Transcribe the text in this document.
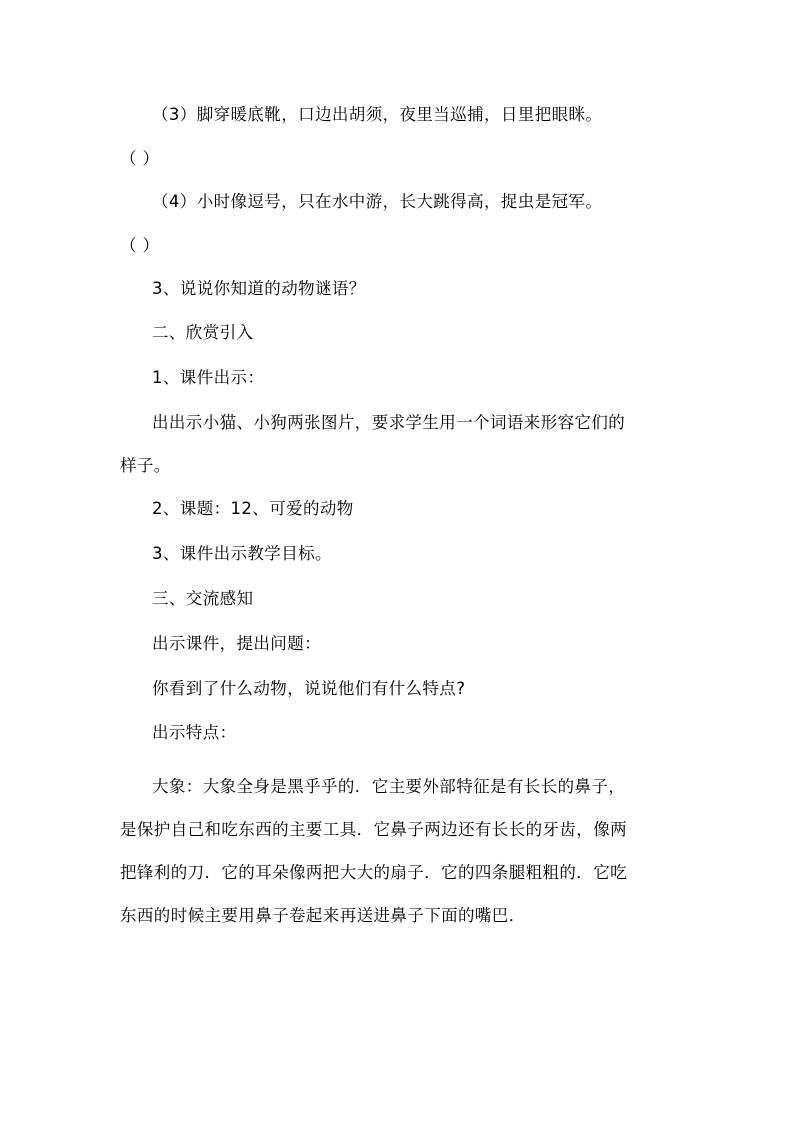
（3）脚穿暖底靴，口边出胡须，夜里当巡捕，日里把眼眯。
（ ）
（4）小时像逗号，只在水中游，长大跳得高，捉虫是冠军。
（ ）
3、说说你知道的动物谜语？
二、欣赏引入
1、课件出示：
出出示小猫、小狗两张图片，要求学生用一个词语来形容它们的
样子。
2、课题：12、可爱的动物
3、课件出示教学目标。
三、交流感知
出示课件，提出问题：
你看到了什么动物，说说他们有什么特点?
出示特点：
大象：大象全身是黑乎乎的．它主要外部特征是有长长的鼻子，
是保护自己和吃东西的主要工具．它鼻子两边还有长长的牙齿，像两
把锋利的刀．它的耳朵像两把大大的扇子．它的四条腿粗粗的．它吃
东西的时候主要用鼻子卷起来再送进鼻子下面的嘴巴．
